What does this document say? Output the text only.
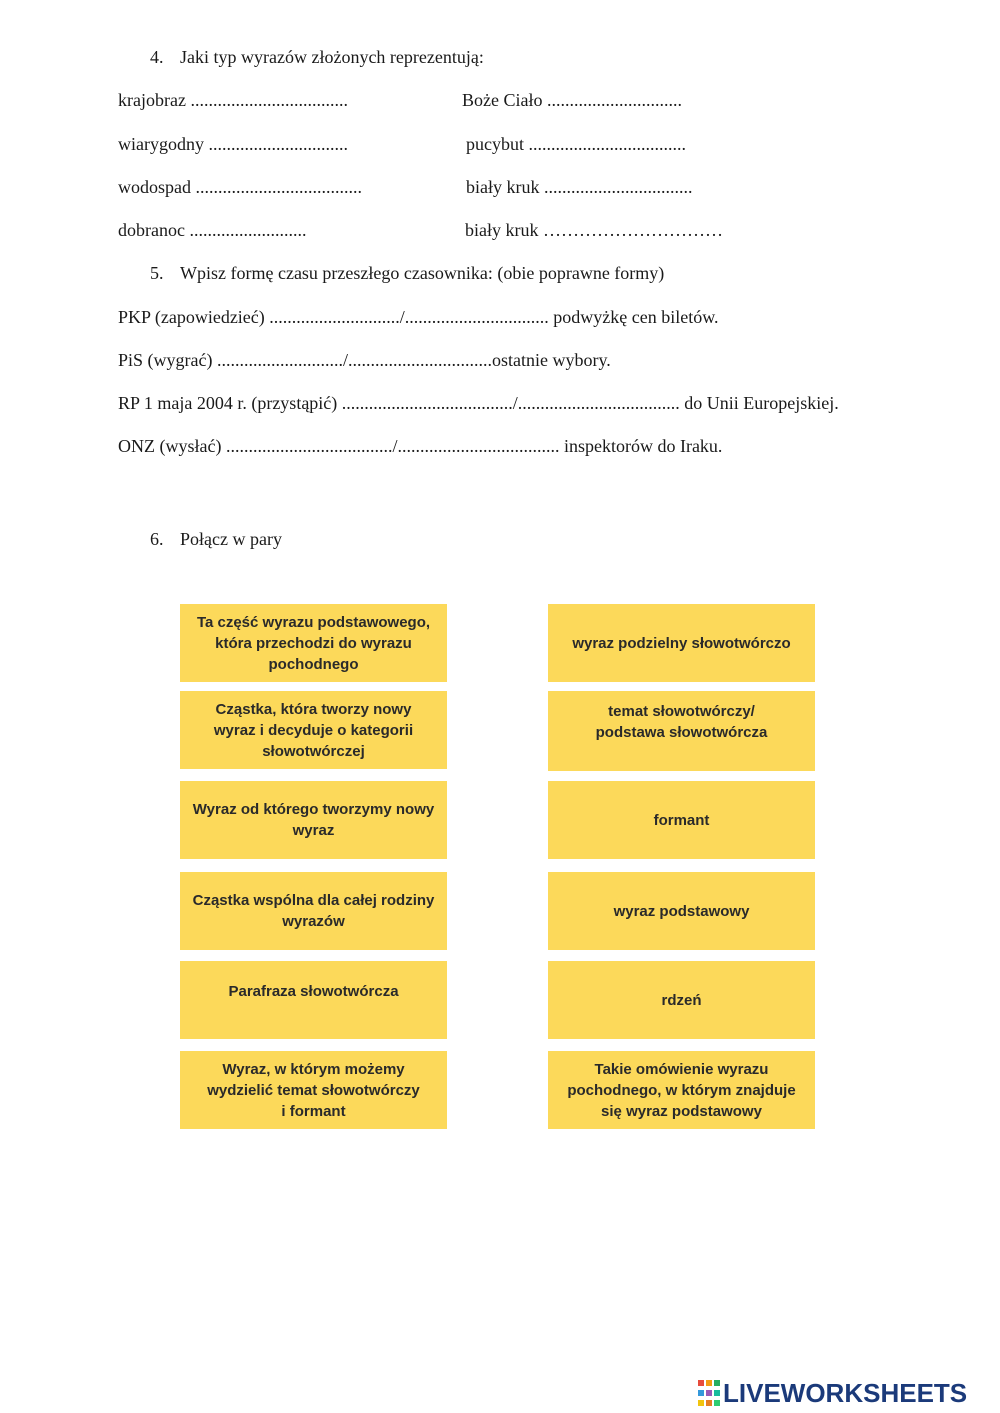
4. Jaki typ wyrazów złożonych reprezentują:
krajobraz ...................................	Boże Ciało ..............................
wiarygodny ...............................	pucybut ...................................
wodospad .....................................	biały kruk .................................
dobranoc ..........................	biały kruk …………………………
5. Wpisz formę czasu przeszłego czasownika: (obie poprawne formy)
PKP (zapowiedzieć) ............................./................................ podwyżkę cen biletów.
PiS (wygrać) ............................/................................ostatnie wybory.
RP 1 maja 2004 r. (przystąpić) ....................................../.................................... do Unii Europejskiej.
ONZ (wysłać) ...................................../.................................... inspektorów do Iraku.
6. Połącz w pary
Ta część wyrazu podstawowego,
która przechodzi do wyrazu
pochodnego
Cząstka, która tworzy nowy
wyraz i decyduje o kategorii
słowotwórczej
Wyraz od którego tworzymy nowy
wyraz
Cząstka wspólna dla całej rodziny
wyrazów
Parafraza słowotwórcza
Wyraz, w którym możemy
wydzielić temat słowotwórczy
i formant
wyraz podzielny słowotwórczo
temat słowotwórczy/
podstawa słowotwórcza
formant
wyraz podstawowy
rdzeń
Takie omówienie wyrazu
pochodnego, w którym znajduje
się wyraz podstawowy
LIVEWORKSHEETS
